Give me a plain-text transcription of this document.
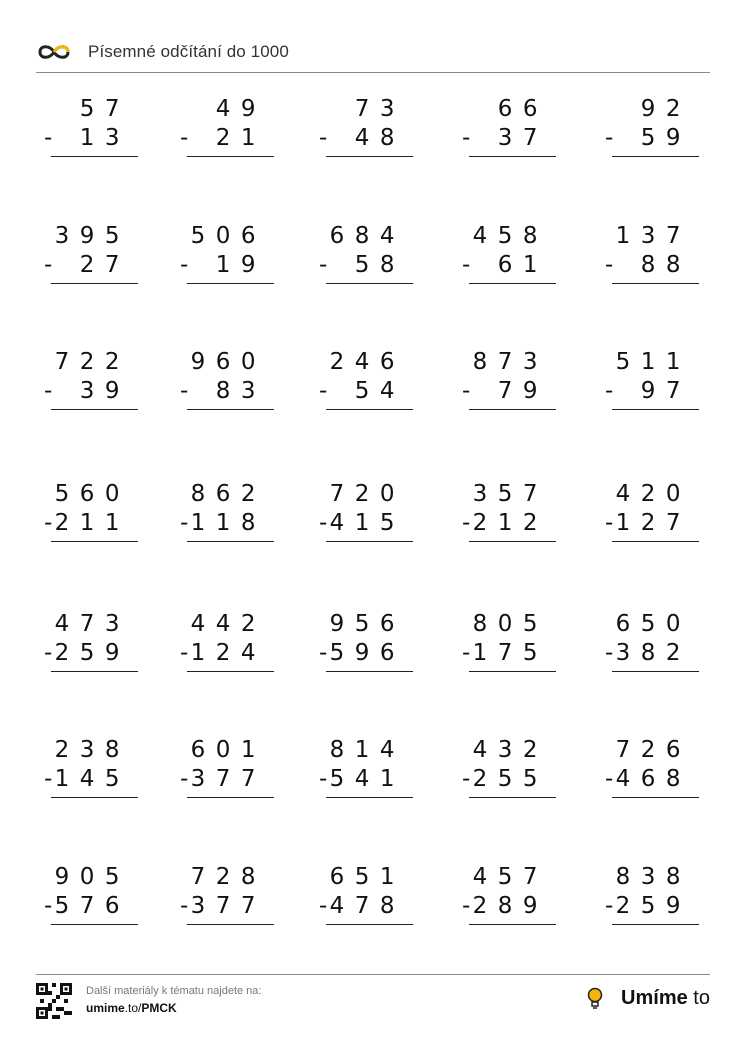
Písemné odčítání do 1000
57
- 13
49
- 21
73
- 48
66
- 37
92
- 59
395
- 27
506
- 19
684
- 58
458
- 61
137
- 88
722
- 39
960
- 83
246
- 54
873
- 79
511
- 97
560
- 211
862
- 118
720
- 415
357
- 212
420
- 127
473
- 259
442
- 124
956
- 596
805
- 175
650
- 382
238
- 145
601
- 377
814
- 541
432
- 255
726
- 468
905
- 576
728
- 377
651
- 478
457
- 289
838
- 259
Další materiály k tématu najdete na:
umime.to/PMCK	Umíme to
